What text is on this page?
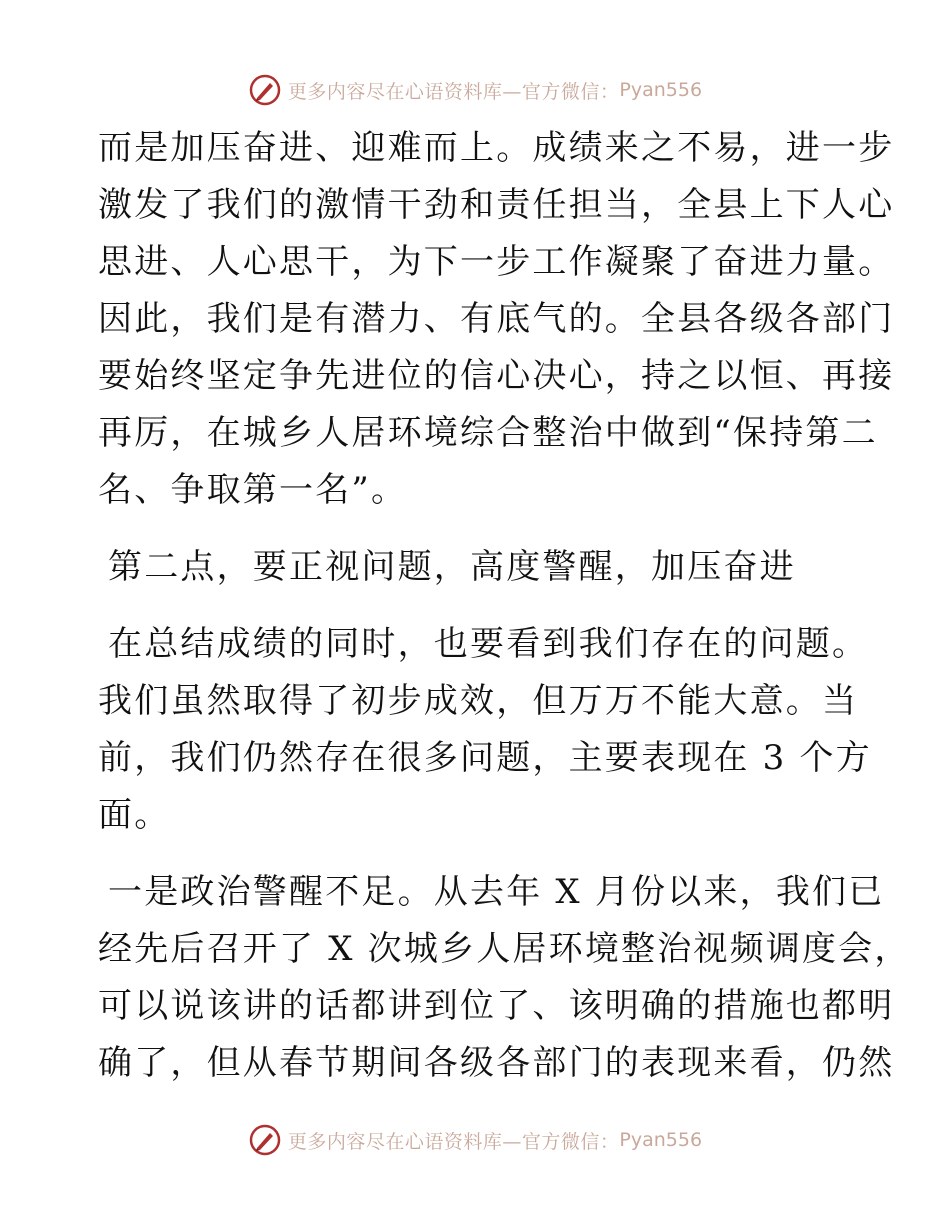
更多内容尽在心语资料库—官方微信： Pyan556
而是加压奋进、迎难而上。成绩来之不易，进一步
激发了我们的激情干劲和责任担当，全县上下人心
思进、人心思干，为下一步工作凝聚了奋进力量。
因此，我们是有潜力、有底气的。全县各级各部门
要始终坚定争先进位的信心决心，持之以恒、再接
再厉，在城乡人居环境综合整治中做到“保持第二
名、争取第一名”。
第二点，要正视问题，高度警醒，加压奋进
在总结成绩的同时，也要看到我们存在的问题。
我们虽然取得了初步成效，但万万不能大意。当
前，我们仍然存在很多问题，主要表现在 3 个方
面。
一是政治警醒不足。从去年 X 月份以来，我们已
经先后召开了 X 次城乡人居环境整治视频调度会，
可以说该讲的话都讲到位了、该明确的措施也都明
确了，但从春节期间各级各部门的表现来看，仍然
更多内容尽在心语资料库—官方微信： Pyan556
